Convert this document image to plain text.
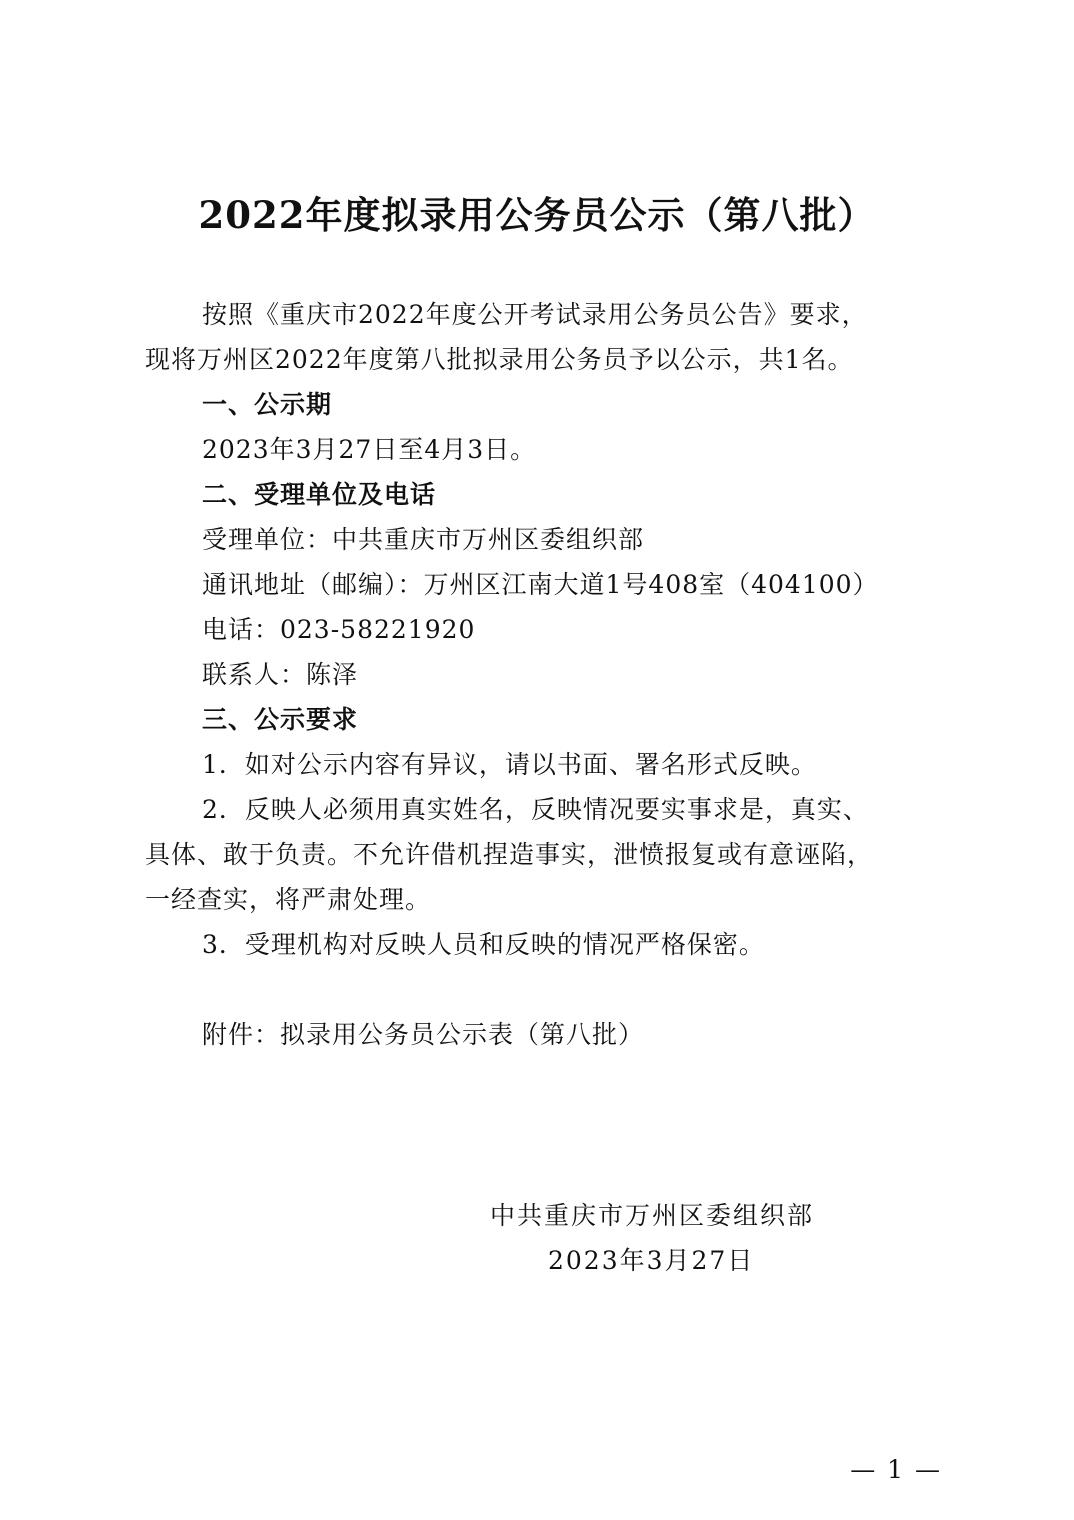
2022年度拟录用公务员公示（第八批）
按照《重庆市2022年度公开考试录用公务员公告》要求，
现将万州区2022年度第八批拟录用公务员予以公示，共1名。
一、公示期
2023年3月27日至4月3日。
二、受理单位及电话
受理单位：中共重庆市万州区委组织部
通讯地址（邮编）：万州区江南大道1号408室（404100）
电话：023-58221920
联系人：陈泽
三、公示要求
1．如对公示内容有异议，请以书面、署名形式反映。
2．反映人必须用真实姓名，反映情况要实事求是，真实、
具体、敢于负责。不允许借机捏造事实，泄愤报复或有意诬陷，
一经查实，将严肃处理。
3．受理机构对反映人员和反映的情况严格保密。
附件：拟录用公务员公示表（第八批）
中共重庆市万州区委组织部
2023年3月27日
— 1 —
